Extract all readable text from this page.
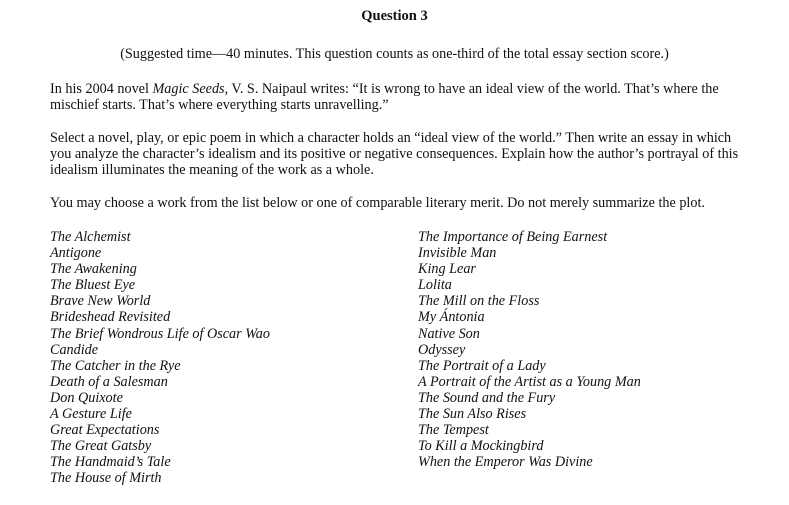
Question 3
(Suggested time—40 minutes. This question counts as one-third of the total essay section score.)
In his 2004 novel Magic Seeds, V. S. Naipaul writes: “It is wrong to have an ideal view of the world. That’s where the mischief starts. That’s where everything starts unravelling.”
Select a novel, play, or epic poem in which a character holds an “ideal view of the world.” Then write an essay in which you analyze the character’s idealism and its positive or negative consequences. Explain how the author’s portrayal of this idealism illuminates the meaning of the work as a whole.
You may choose a work from the list below or one of comparable literary merit. Do not merely summarize the plot.
The Alchemist
Antigone
The Awakening
The Bluest Eye
Brave New World
Brideshead Revisited
The Brief Wondrous Life of Oscar Wao
Candide
The Catcher in the Rye
Death of a Salesman
Don Quixote
A Gesture Life
Great Expectations
The Great Gatsby
The Handmaid’s Tale
The House of Mirth
The Importance of Being Earnest
Invisible Man
King Lear
Lolita
The Mill on the Floss
My Ántonia
Native Son
Odyssey
The Portrait of a Lady
A Portrait of the Artist as a Young Man
The Sound and the Fury
The Sun Also Rises
The Tempest
To Kill a Mockingbird
When the Emperor Was Divine
